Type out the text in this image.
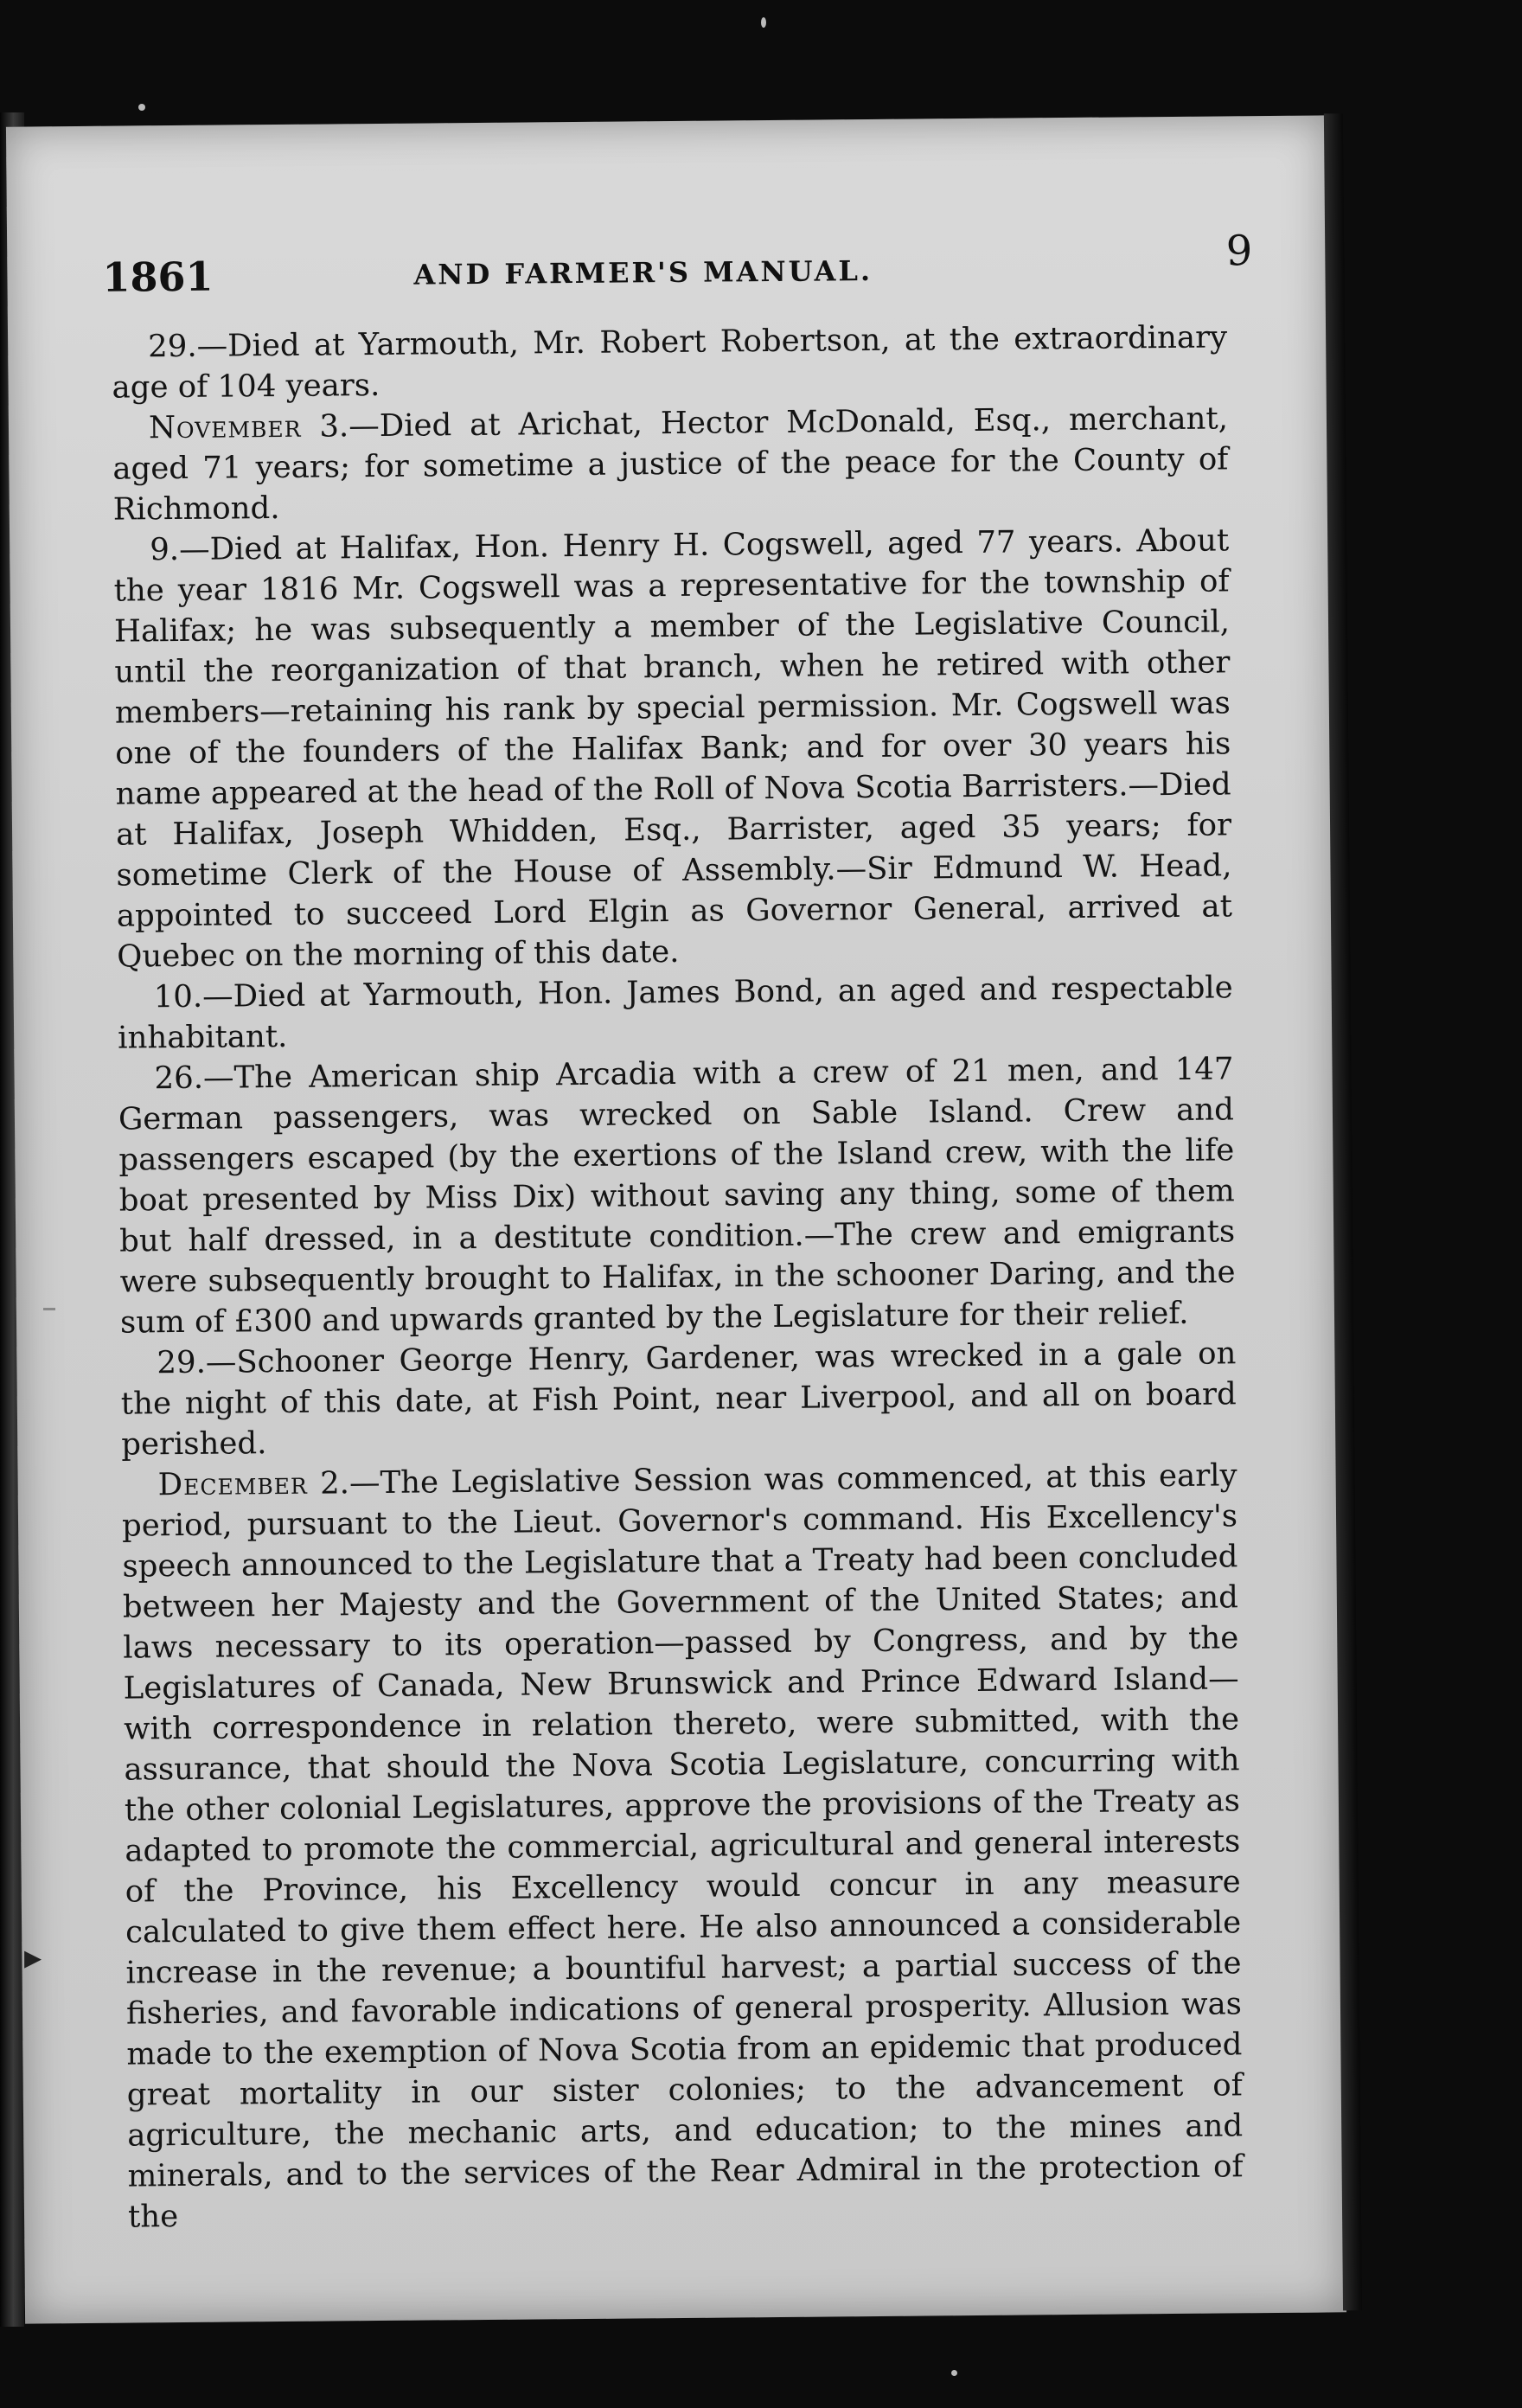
1861	AND FARMER'S MANUAL.	9

29.—Died at Yarmouth, Mr. Robert Robertson, at the extraordinary age of 104 years.

November 3.—Died at Arichat, Hector McDonald, Esq., merchant, aged 71 years; for sometime a justice of the peace for the County of Richmond.

9.—Died at Halifax, Hon. Henry H. Cogswell, aged 77 years. About the year 1816 Mr. Cogswell was a representative for the township of Halifax; he was subsequently a member of the Legislative Council, until the reorganization of that branch, when he retired with other members—retaining his rank by special permission. Mr. Cogswell was one of the founders of the Halifax Bank; and for over 30 years his name appeared at the head of the Roll of Nova Scotia Barristers.—Died at Halifax, Joseph Whidden, Esq., Barrister, aged 35 years; for sometime Clerk of the House of Assembly.—Sir Edmund W. Head, appointed to succeed Lord Elgin as Governor General, arrived at Quebec on the morning of this date.

10.—Died at Yarmouth, Hon. James Bond, an aged and respectable inhabitant.

26.—The American ship Arcadia with a crew of 21 men, and 147 German passengers, was wrecked on Sable Island. Crew and passengers escaped (by the exertions of the Island crew, with the life boat presented by Miss Dix) without saving any thing, some of them but half dressed, in a destitute condition.—The crew and emigrants were subsequently brought to Halifax, in the schooner Daring, and the sum of £300 and upwards granted by the Legislature for their relief.

29.—Schooner George Henry, Gardener, was wrecked in a gale on the night of this date, at Fish Point, near Liverpool, and all on board perished.

December 2.—The Legislative Session was commenced, at this early period, pursuant to the Lieut. Governor's command. His Excellency's speech announced to the Legislature that a Treaty had been concluded between her Majesty and the Government of the United States; and laws necessary to its operation—passed by Congress, and by the Legislatures of Canada, New Brunswick and Prince Edward Island—with correspondence in relation thereto, were submitted, with the assurance, that should the Nova Scotia Legislature, concurring with the other colonial Legislatures, approve the provisions of the Treaty as adapted to promote the commercial, agricultural and general interests of the Province, his Excellency would concur in any measure calculated to give them effect here. He also announced a considerable increase in the revenue; a bountiful harvest; a partial success of the fisheries, and favorable indications of general prosperity. Allusion was made to the exemption of Nova Scotia from an epidemic that produced great mortality in our sister colonies; to the advancement of agriculture, the mechanic arts, and education; to the mines and minerals, and to the services of the Rear Admiral in the protection of the

▸
